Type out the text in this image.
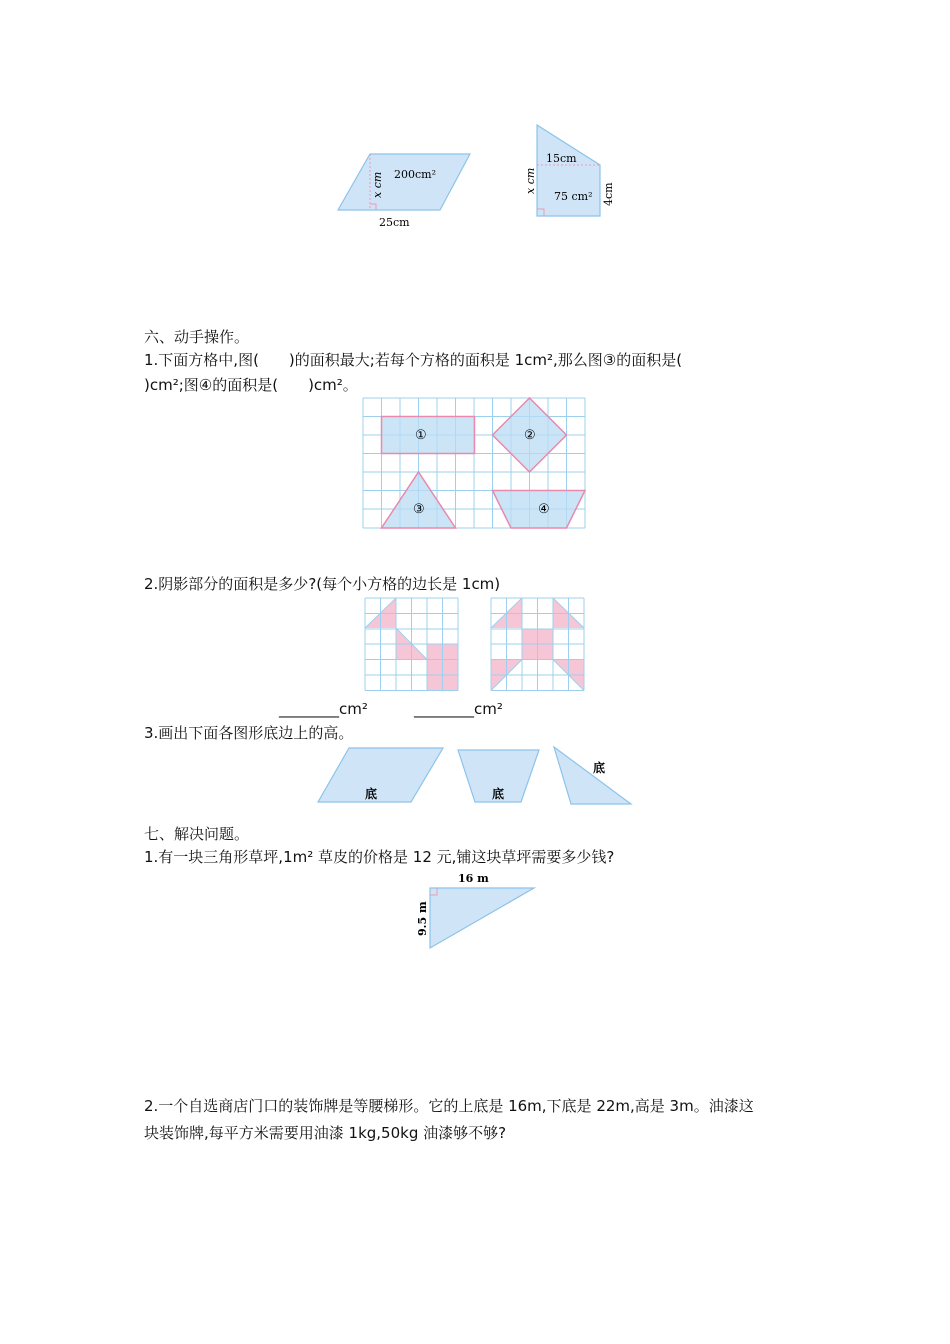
200cm²
x cm
25cm
15cm
x cm
75 cm² 4cm
六、动手操作。
1.下面方格中,图(　　)的面积最大;若每个方格的面积是 1cm²,那么图③的面积是(
)cm²;图④的面积是(　　)cm²。
①	②
③	④
2.阴影部分的面积是多少?(每个小方格的边长是 1cm)
________cm²	________cm²
3.画出下面各图形底边上的高。
底	底
底
七、解决问题。
1.有一块三角形草坪,1m² 草皮的价格是 12 元,铺这块草坪需要多少钱?
16 m
9.5 m
2.一个自选商店门口的装饰牌是等腰梯形。它的上底是 16m,下底是 22m,高是 3m。油漆这
块装饰牌,每平方米需要用油漆 1kg,50kg 油漆够不够?
